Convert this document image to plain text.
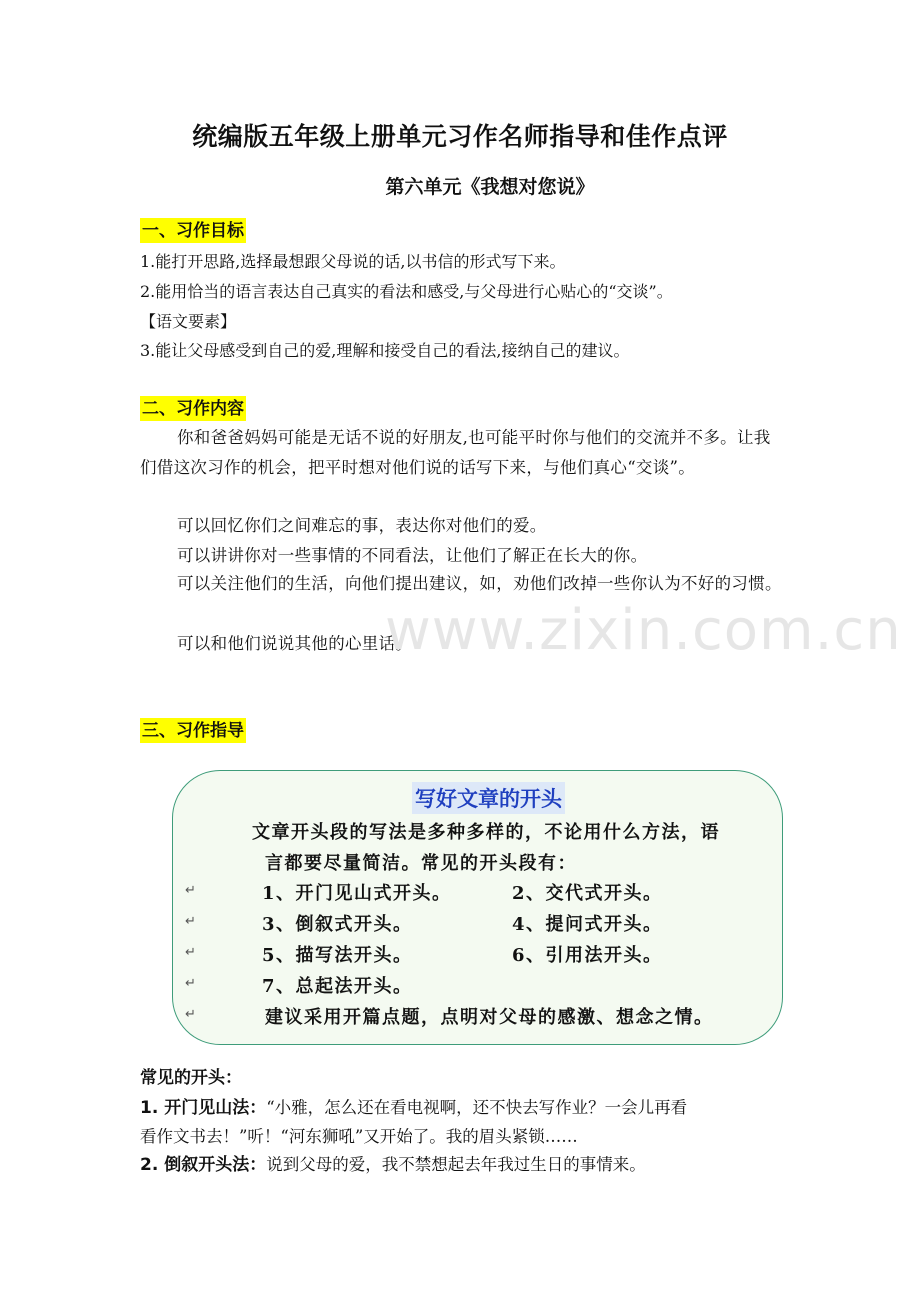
统编版五年级上册单元习作名师指导和佳作点评
第六单元《我想对您说》
一、习作目标
1.能打开思路,选择最想跟父母说的话,以书信的形式写下来。
2.能用恰当的语言表达自己真实的看法和感受,与父母进行心贴心的“交谈”。
【语文要素】
3.能让父母感受到自己的爱,理解和接受自己的看法,接纳自己的建议。
二、习作内容
你和爸爸妈妈可能是无话不说的好朋友,也可能平时你与他们的交流并不多。让我们借这次习作的机会，把平时想对他们说的话写下来，与他们真心“交谈”。
可以回忆你们之间难忘的事，表达你对他们的爱。
可以讲讲你对一些事情的不同看法，让他们了解正在长大的你。
可以关注他们的生活，向他们提出建议，如，劝他们改掉一些你认为不好的习惯。
可以和他们说说其他的心里话。
www.zixin.com.cn
三、习作指导
写好文章的开头
文章开头段的写法是多种多样的，不论用什么方法，语
言都要尽量简洁。常见的开头段有：
↵	1、开门见山式开头。	2、交代式开头。
↵	3、倒叙式开头。	4、提问式开头。
↵	5、描写法开头。	6、引用法开头。
↵	7、总起法开头。
↵	建议采用开篇点题，点明对父母的感激、想念之情。
常见的开头：
1. 开门见山法：“小雅，怎么还在看电视啊，还不快去写作业？一会儿再看
看作文书去！”听！“河东狮吼”又开始了。我的眉头紧锁……
2. 倒叙开头法：说到父母的爱，我不禁想起去年我过生日的事情来。
